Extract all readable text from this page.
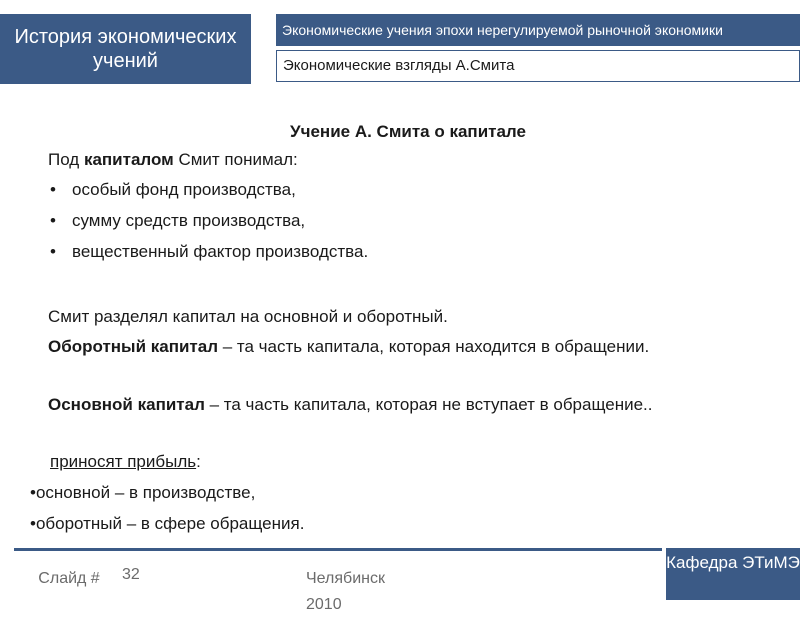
История экономических учений
Экономические учения эпохи нерегулируемой рыночной экономики
Экономические взгляды А.Смита
Учение А. Смита о капитале
Под капиталом Смит понимал:
• особый фонд производства,
• сумму средств производства,
• вещественный фактор производства.
Смит разделял капитал на основной и оборотный.
Оборотный капитал – та часть капитала, которая находится в обращении.
Основной капитал – та часть капитала, которая не вступает в обращение..
приносят прибыль:
•основной – в производстве,
•оборотный – в сфере обращения.
Слайд # 32	Челябинск 2010
Кафедра ЭТиМЭ
